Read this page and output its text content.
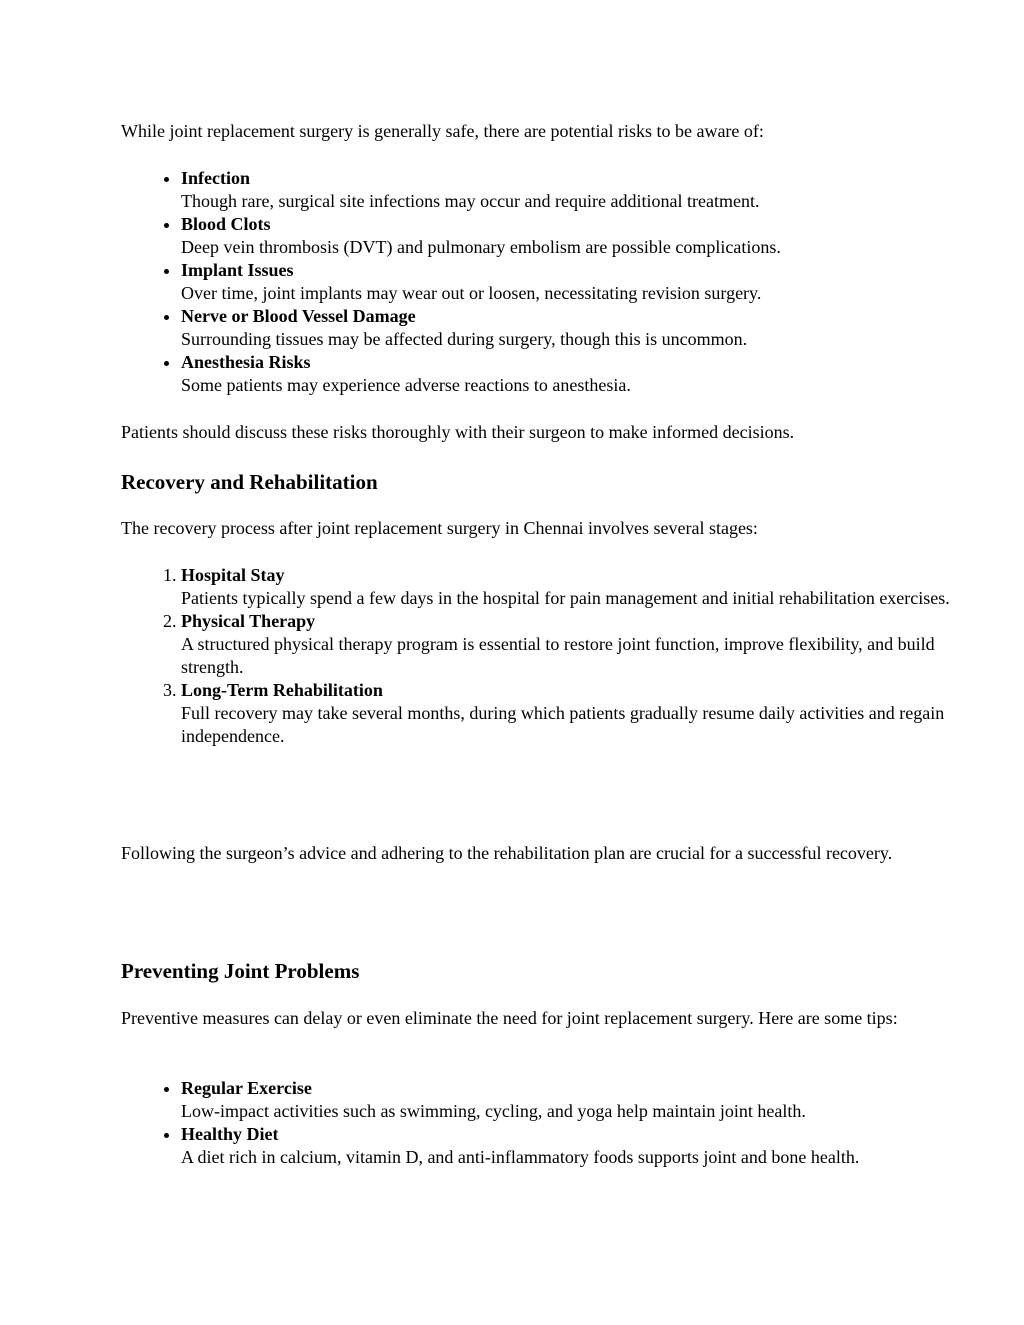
While joint replacement surgery is generally safe, there are potential risks to be aware of:

• Infection
Though rare, surgical site infections may occur and require additional treatment.
• Blood Clots
Deep vein thrombosis (DVT) and pulmonary embolism are possible complications.
• Implant Issues
Over time, joint implants may wear out or loosen, necessitating revision surgery.
• Nerve or Blood Vessel Damage
Surrounding tissues may be affected during surgery, though this is uncommon.
• Anesthesia Risks
Some patients may experience adverse reactions to anesthesia.

Patients should discuss these risks thoroughly with their surgeon to make informed decisions.

Recovery and Rehabilitation

The recovery process after joint replacement surgery in Chennai involves several stages:

1. Hospital Stay
Patients typically spend a few days in the hospital for pain management and initial rehabilitation exercises.
2. Physical Therapy
A structured physical therapy program is essential to restore joint function, improve flexibility, and build strength.
3. Long-Term Rehabilitation
Full recovery may take several months, during which patients gradually resume daily activities and regain independence.

Following the surgeon’s advice and adhering to the rehabilitation plan are crucial for a successful recovery.

Preventing Joint Problems

Preventive measures can delay or even eliminate the need for joint replacement surgery. Here are some tips:

• Regular Exercise
Low-impact activities such as swimming, cycling, and yoga help maintain joint health.
• Healthy Diet
A diet rich in calcium, vitamin D, and anti-inflammatory foods supports joint and bone health.
